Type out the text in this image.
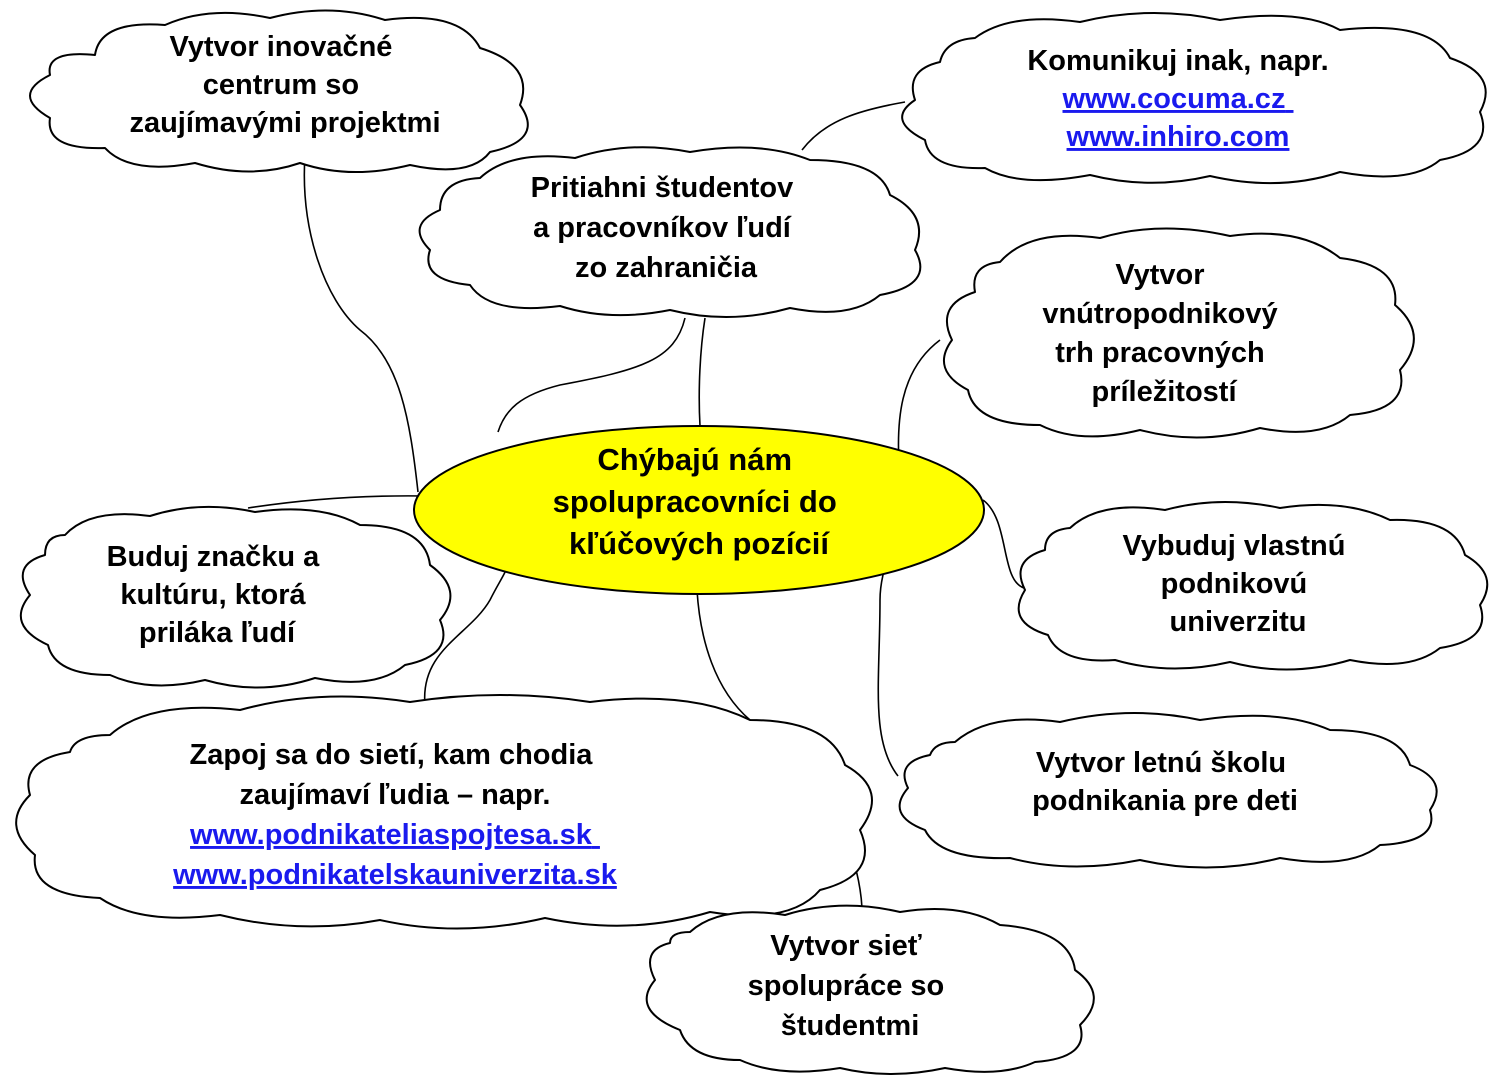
Vytvor inovačné centrum so zaujímavými projektmi
Komunikuj inak, napr.
www.cocuma.cz www.inhiro.com
Pritiahni študentov a pracovníkov ľudí zo zahraničia	Vytvor vnútropodnikový trh pracovných príležitostí
Buduj značku a kultúru, ktorá priláka ľudí
Vybuduj vlastnú podnikovú univerzitu
Zapoj sa do sietí, kam chodia zaujímaví ľudia – napr.
www.podnikateliaspojtesa.sk www.podnikatelskauniverzita.sk
Vytvor letnú školu podnikania pre deti
Vytvor sieť spolupráce so študentmi
Chýbajú nám spolupracovníci do kľúčových pozícií
